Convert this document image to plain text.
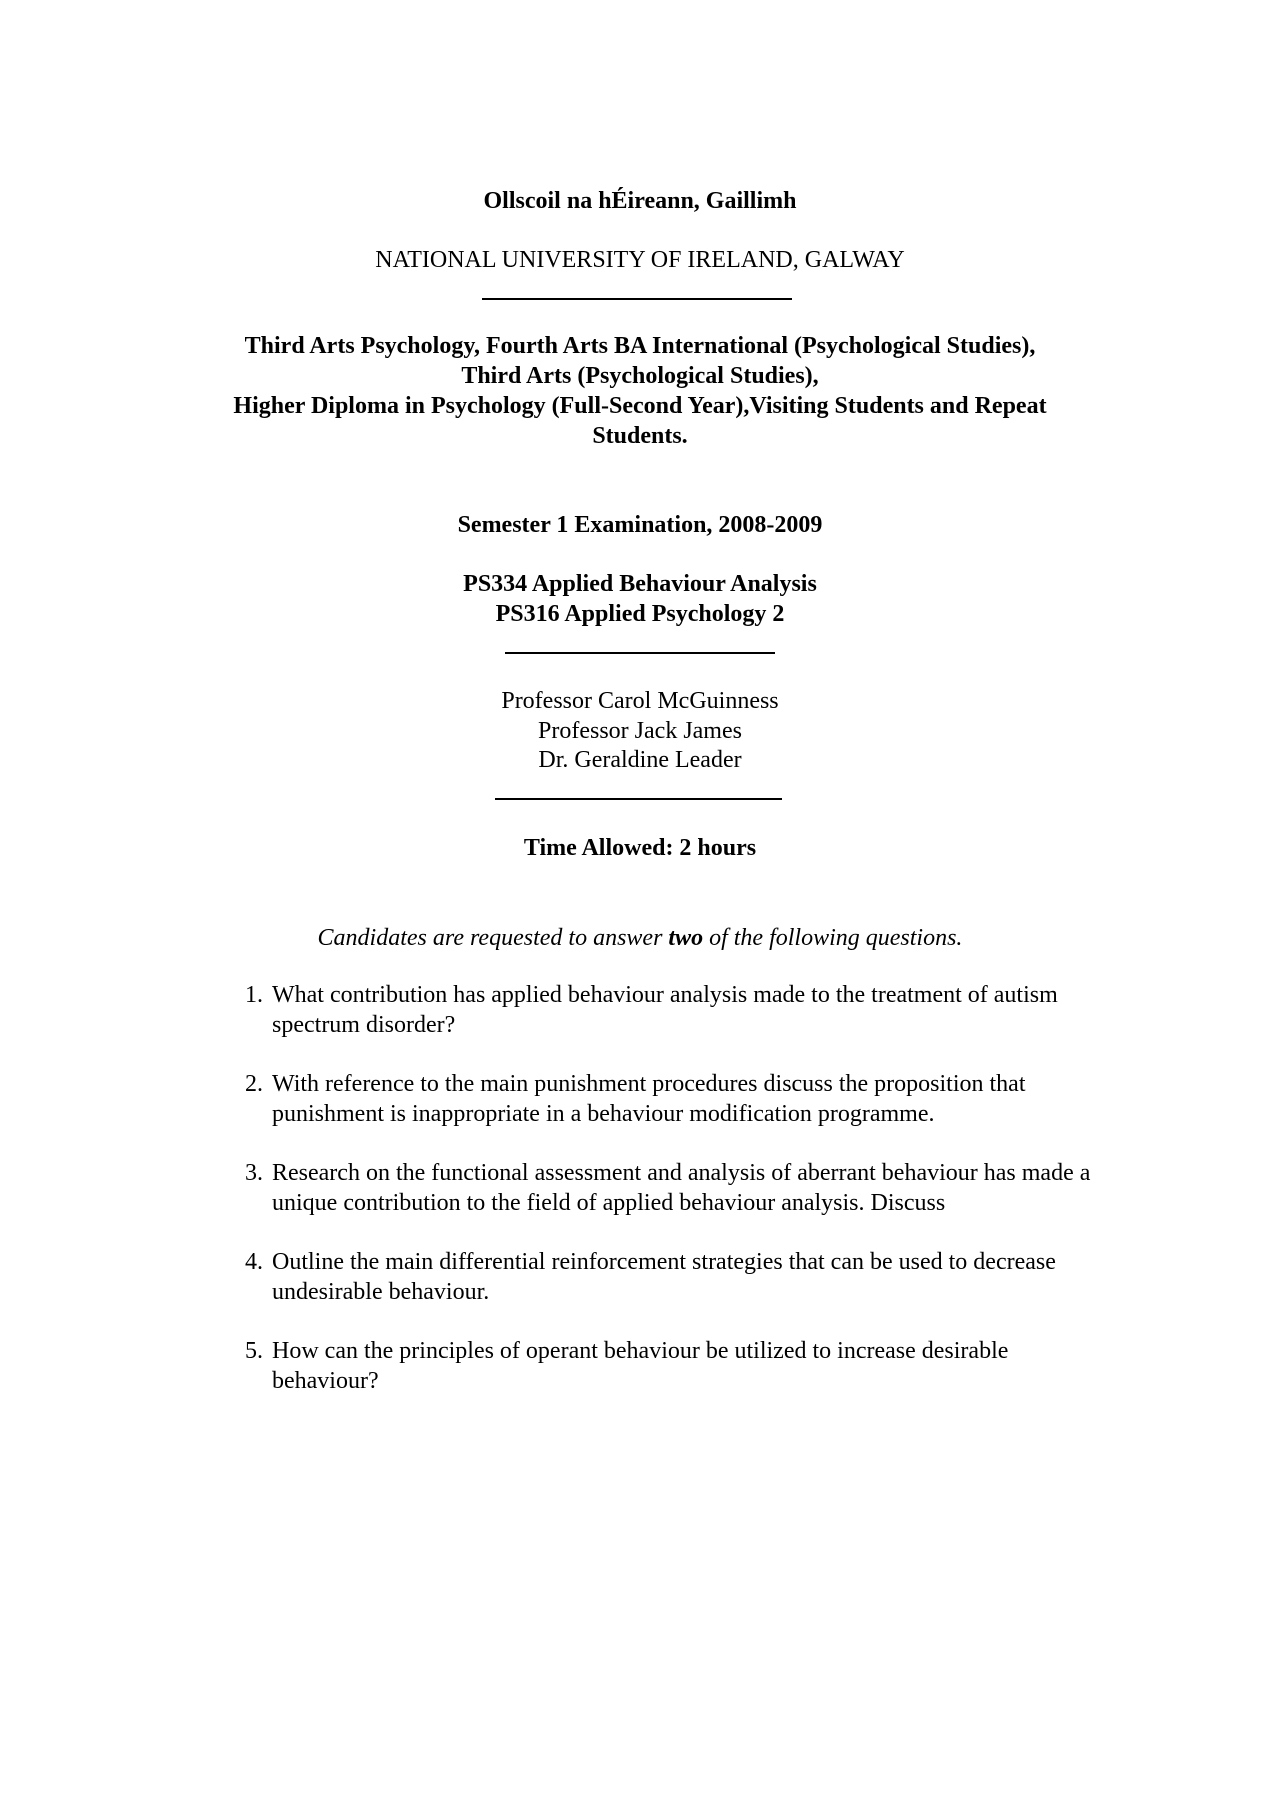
Ollscoil na hÉireann, Gaillimh
NATIONAL UNIVERSITY OF IRELAND, GALWAY
Third Arts Psychology, Fourth Arts BA International (Psychological Studies),
Third Arts (Psychological Studies),
Higher Diploma in Psychology (Full-Second Year),Visiting Students and Repeat
Students.
Semester 1 Examination, 2008-2009
PS334 Applied Behaviour Analysis
PS316 Applied Psychology 2
Professor Carol McGuinness
Professor Jack James
Dr. Geraldine Leader
Time Allowed: 2 hours
Candidates are requested to answer two of the following questions.
1. What contribution has applied behaviour analysis made to the treatment of autism spectrum disorder?
2. With reference to the main punishment procedures discuss the proposition that punishment is inappropriate in a behaviour modification programme.
3. Research on the functional assessment and analysis of aberrant behaviour has made a unique contribution to the field of applied behaviour analysis. Discuss
4. Outline the main differential reinforcement strategies that can be used to decrease undesirable behaviour.
5. How can the principles of operant behaviour be utilized to increase desirable behaviour?
